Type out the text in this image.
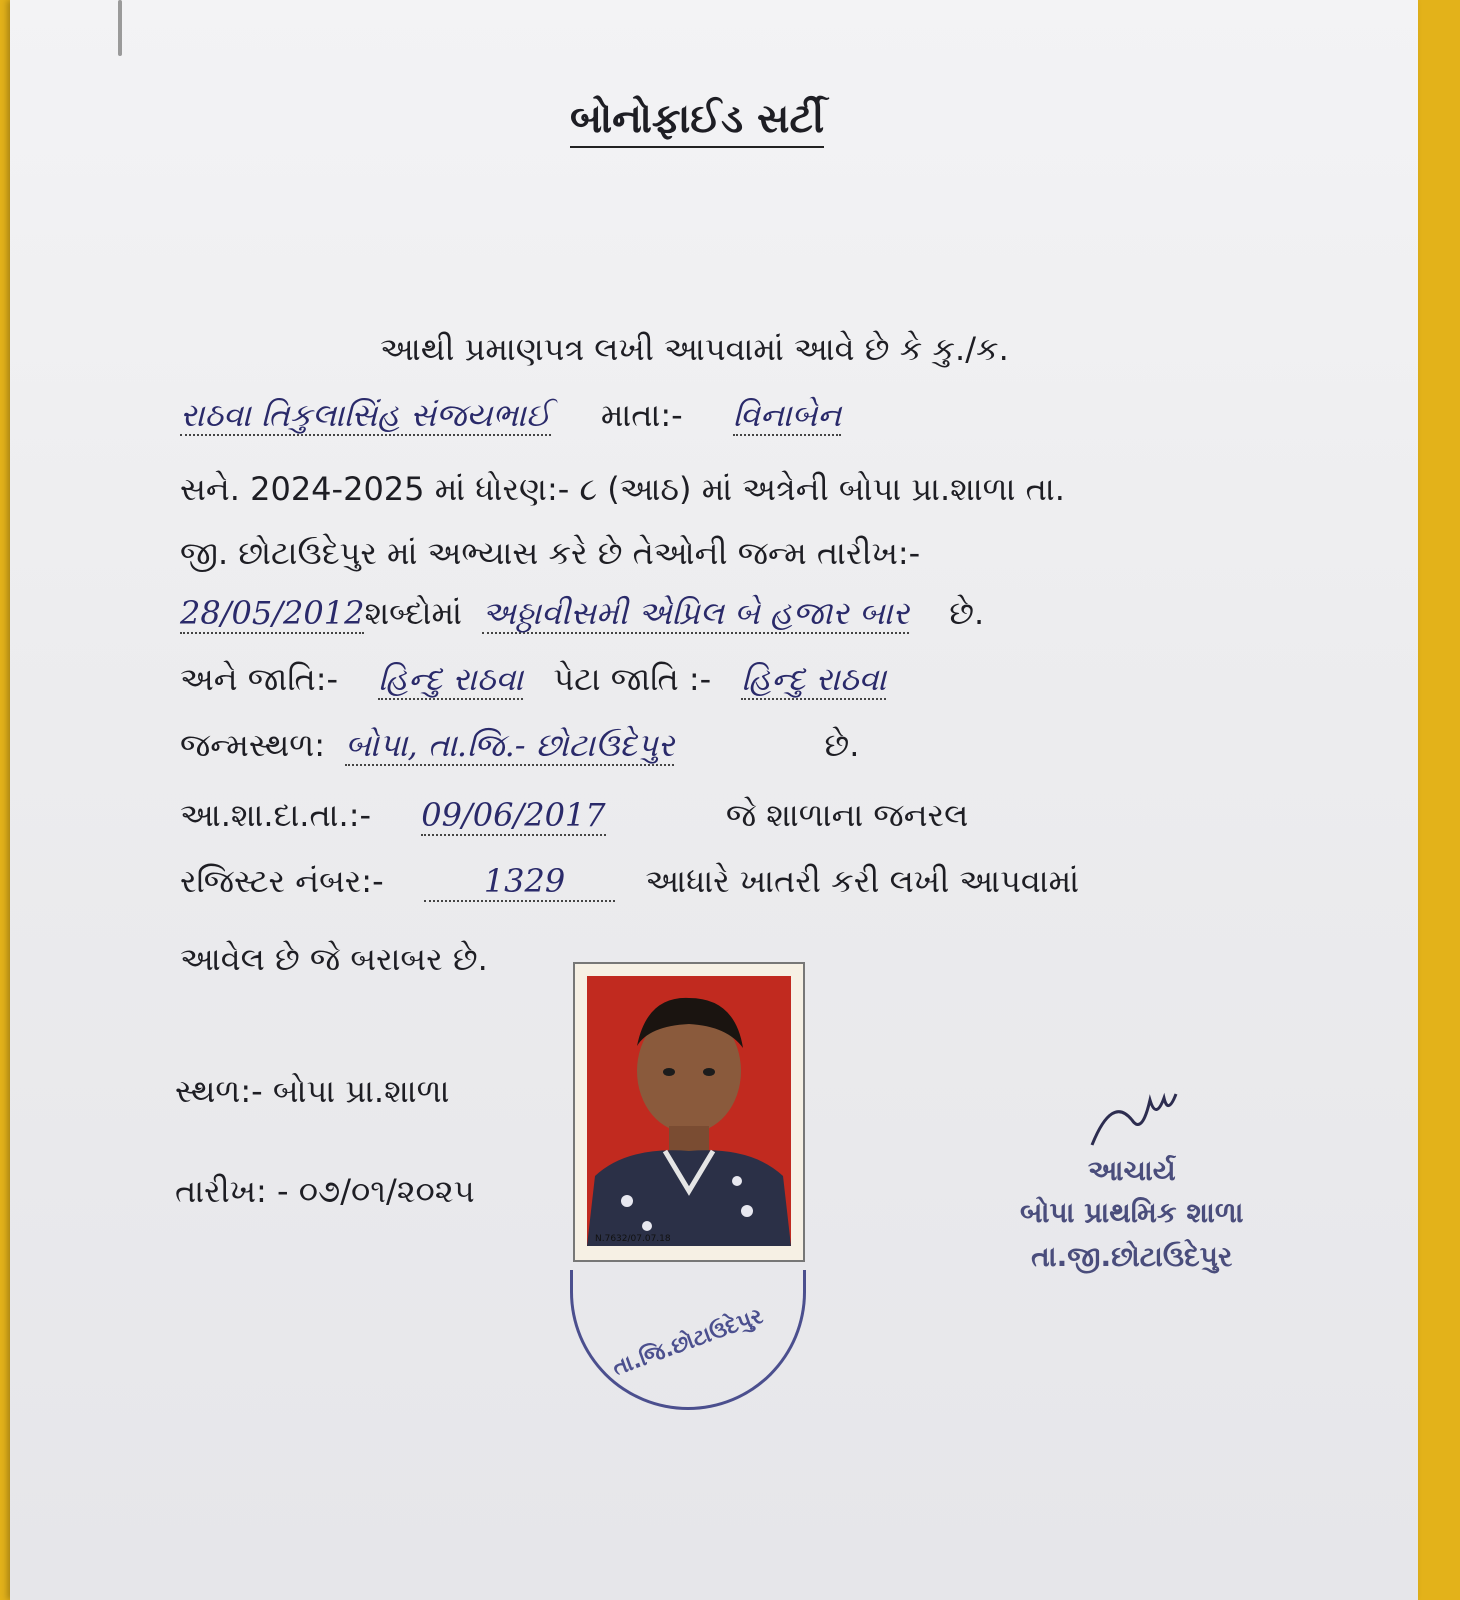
બોનોફાઈડ સર્ટી
આથી પ્રમાણપત્ર લખી આપવામાં આવે છે કે કુ./ક.
રાઠવા તિકુલાસિંહ સંજયભાઈ માતા:- વિનાબેન
સને. 2024-2025 માં ધોરણ:- ૮ (આઠ) માં અત્રેની બોપા પ્રા.શાળા તા.
જી. છોટાઉદેપુર માં અભ્યાસ કરે છે તેઓની જન્મ તારીખ:-
28/05/2012શબ્દોમાં અઠ્ઠાવીસમી એપ્રિલ બે હજાર બાર છે.
અને જાતિ:- હિન્દુ રાઠવા પેટા જાતિ :- હિન્દુ રાઠવા
જન્મસ્થળ: બોપા, તા.જિ.- છોટાઉદેપુર	છે.
આ.શા.દા.તા.:- 09/06/2017	જે શાળાના જનરલ
રજિસ્ટર નંબર:-	1329	આધારે ખાતરી કરી લખી આપવામાં
આવેલ છે જે બરાબર છે.
સ્થળ:- બોપા પ્રા.શાળા
તારીખ: - ૦૭/૦૧/૨૦૨૫
N.7632/07.07.18
તા.જિ.છોટાઉદેપુર
આચાર્ય
બોપા પ્રાથમિક શાળા
તા.જી.છોટાઉદેપુર
